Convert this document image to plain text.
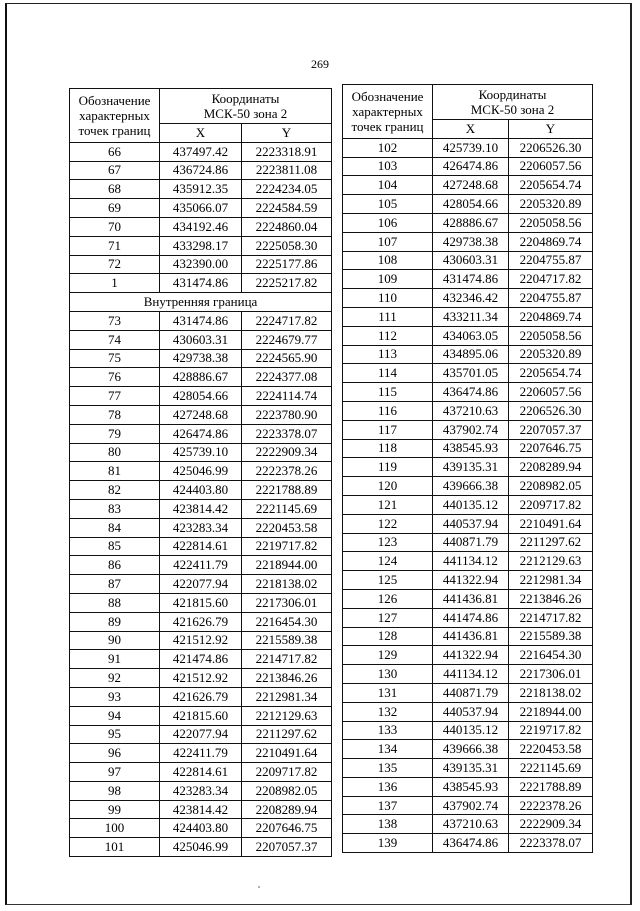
269
Обозначение
характерных
точек границ	Координаты
МСК-50 зона 2	
	X	Y
66	437497.42	2223318.91
67	436724.86	2223811.08
68	435912.35	2224234.05
69	435066.07	2224584.59
70	434192.46	2224860.04
71	433298.17	2225058.30
72	432390.00	2225177.86
1	431474.86	2225217.82
Внутренняя граница		
73	431474.86	2224717.82
74	430603.31	2224679.77
75	429738.38	2224565.90
76	428886.67	2224377.08
77	428054.66	2224114.74
78	427248.68	2223780.90
79	426474.86	2223378.07
80	425739.10	2222909.34
81	425046.99	2222378.26
82	424403.80	2221788.89
83	423814.42	2221145.69
84	423283.34	2220453.58
85	422814.61	2219717.82
86	422411.79	2218944.00
87	422077.94	2218138.02
88	421815.60	2217306.01
89	421626.79	2216454.30
90	421512.92	2215589.38
91	421474.86	2214717.82
92	421512.92	2213846.26
93	421626.79	2212981.34
94	421815.60	2212129.63
95	422077.94	2211297.62
96	422411.79	2210491.64
97	422814.61	2209717.82
98	423283.34	2208982.05
99	423814.42	2208289.94
100	424403.80	2207646.75
101	425046.99	2207057.37
Обозначение
характерных
точек границ	Координаты
МСК-50 зона 2	
	X	Y
102	425739.10	2206526.30
103	426474.86	2206057.56
104	427248.68	2205654.74
105	428054.66	2205320.89
106	428886.67	2205058.56
107	429738.38	2204869.74
108	430603.31	2204755.87
109	431474.86	2204717.82
110	432346.42	2204755.87
111	433211.34	2204869.74
112	434063.05	2205058.56
113	434895.06	2205320.89
114	435701.05	2205654.74
115	436474.86	2206057.56
116	437210.63	2206526.30
117	437902.74	2207057.37
118	438545.93	2207646.75
119	439135.31	2208289.94
120	439666.38	2208982.05
121	440135.12	2209717.82
122	440537.94	2210491.64
123	440871.79	2211297.62
124	441134.12	2212129.63
125	441322.94	2212981.34
126	441436.81	2213846.26
127	441474.86	2214717.82
128	441436.81	2215589.38
129	441322.94	2216454.30
130	441134.12	2217306.01
131	440871.79	2218138.02
132	440537.94	2218944.00
133	440135.12	2219717.82
134	439666.38	2220453.58
135	439135.31	2221145.69
136	438545.93	2221788.89
137	437902.74	2222378.26
138	437210.63	2222909.34
139	436474.86	2223378.07
